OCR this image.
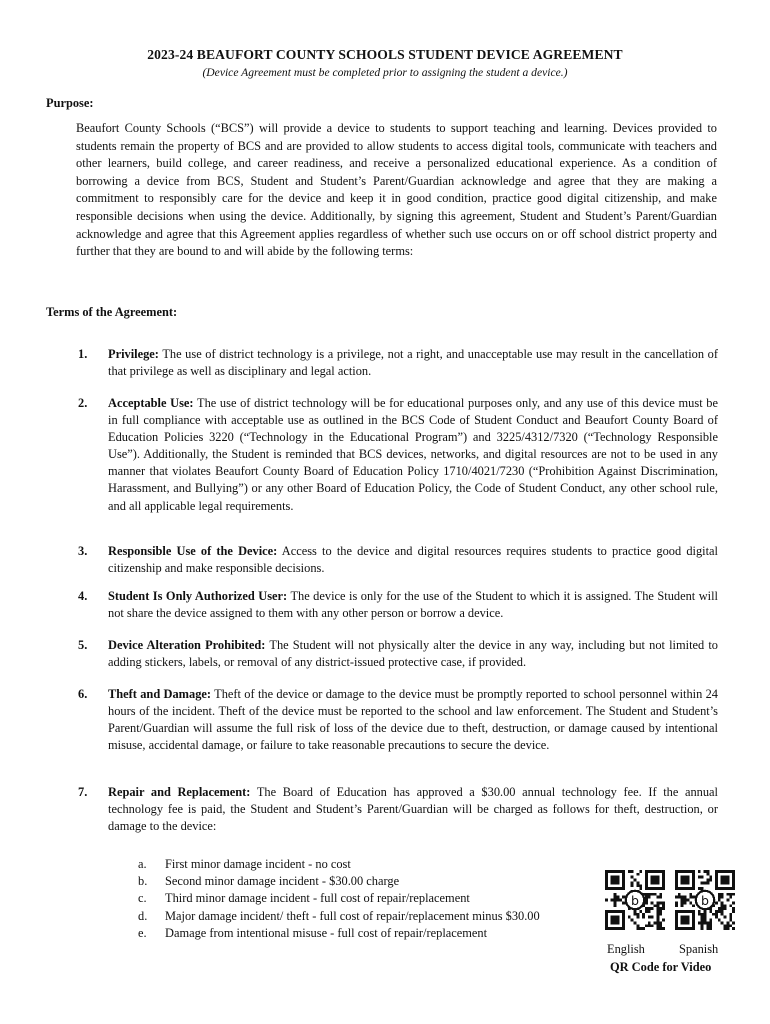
2023-24 BEAUFORT COUNTY SCHOOLS STUDENT DEVICE AGREEMENT
(Device Agreement must be completed prior to assigning the student a device.)
Purpose:
Beaufort County Schools (“BCS”) will provide a device to students to support teaching and learning. Devices provided to students remain the property of BCS and are provided to allow students to access digital tools, communicate with teachers and other learners, build college, and career readiness, and receive a personalized educational experience. As a condition of borrowing a device from BCS, Student and Student’s Parent/Guardian acknowledge and agree that they are making a commitment to responsibly care for the device and keep it in good condition, practice good digital citizenship, and make responsible decisions when using the device. Additionally, by signing this agreement, Student and Student’s Parent/Guardian acknowledge and agree that this Agreement applies regardless of whether such use occurs on or off school district property and further that they are bound to and will abide by the following terms:
Terms of the Agreement:
1. Privilege: The use of district technology is a privilege, not a right, and unacceptable use may result in the cancellation of that privilege as well as disciplinary and legal action.
2. Acceptable Use: The use of district technology will be for educational purposes only, and any use of this device must be in full compliance with acceptable use as outlined in the BCS Code of Student Conduct and Beaufort County Board of Education Policies 3220 (“Technology in the Educational Program”) and 3225/4312/7320 (“Technology Responsible Use”). Additionally, the Student is reminded that BCS devices, networks, and digital resources are not to be used in any manner that violates Beaufort County Board of Education Policy 1710/4021/7230 (“Prohibition Against Discrimination, Harassment, and Bullying”) or any other Board of Education Policy, the Code of Student Conduct, any other school rule, and all applicable legal requirements.
3. Responsible Use of the Device: Access to the device and digital resources requires students to practice good digital citizenship and make responsible decisions.
4. Student Is Only Authorized User: The device is only for the use of the Student to which it is assigned. The Student will not share the device assigned to them with any other person or borrow a device.
5. Device Alteration Prohibited: The Student will not physically alter the device in any way, including but not limited to adding stickers, labels, or removal of any district-issued protective case, if provided.
6. Theft and Damage: Theft of the device or damage to the device must be promptly reported to school personnel within 24 hours of the incident. Theft of the device must be reported to the school and law enforcement. The Student and Student’s Parent/Guardian will assume the full risk of loss of the device due to theft, destruction, or damage caused by intentional misuse, accidental damage, or failure to take reasonable precautions to secure the device.
7. Repair and Replacement: The Board of Education has approved a $30.00 annual technology fee. If the annual technology fee is paid, the Student and Student’s Parent/Guardian will be charged as follows for theft, destruction, or damage to the device:
a. First minor damage incident - no cost
b. Second minor damage incident - $30.00 charge
c. Third minor damage incident - full cost of repair/replacement
d. Major damage incident/ theft - full cost of repair/replacement minus $30.00
e. Damage from intentional misuse - full cost of repair/replacement
b	b
English	Spanish
QR Code for Video
